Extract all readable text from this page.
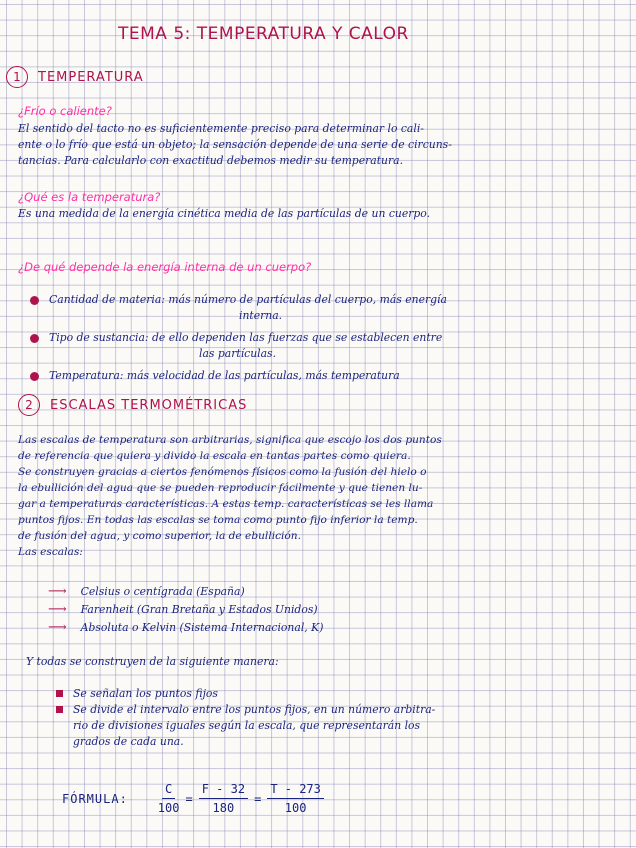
TEMA 5: TEMPERATURA Y CALOR
1	TEMPERATURA
¿Frío o caliente?
El sentido del tacto no es suficientemente preciso para determinar lo cali-
ente o lo frío que está un objeto; la sensación depende de una serie de circuns-
tancias. Para calcularlo con exactitud debemos medir su temperatura.
¿Qué es la temperatura?
Es una medida de la energía cinética media de las partículas de un cuerpo.
¿De qué depende la energía interna de un cuerpo?
Cantidad de materia: más número de partículas del cuerpo, más energía
interna.
Tipo de sustancia: de ello dependen las fuerzas que se establecen entre
las partículas.
Temperatura: más velocidad de las partículas, más temperatura
2	ESCALAS TERMOMÉTRICAS
Las escalas de temperatura son arbitrarias, significa que escojo los dos puntos
de referencia que quiera y divido la escala en tantas partes como quiera.
Se construyen gracias a ciertos fenómenos físicos como la fusión del hielo o
la ebullición del agua que se pueden reproducir fácilmente y que tienen lu-
gar a temperaturas características. A estas temp. características se les llama
puntos fijos. En todas las escalas se toma como punto fijo inferior la temp.
de fusión del agua, y como superior, la de ebullición.
Las escalas:
⟶ Celsius o centígrada (España)
⟶ Farenheit (Gran Bretaña y Estados Unidos)
⟶ Absoluta o Kelvin (Sistema Internacional, K)
Y todas se construyen de la siguiente manera:
Se señalan los puntos fijos
Se divide el intervalo entre los puntos fijos, en un número arbitra-
rio de divisiones iguales según la escala, que representarán los
grados de cada una.
FÓRMULA:	$\frac{C}{100} = \frac{F - 32}{180} = \frac{T - 273}{100}$
